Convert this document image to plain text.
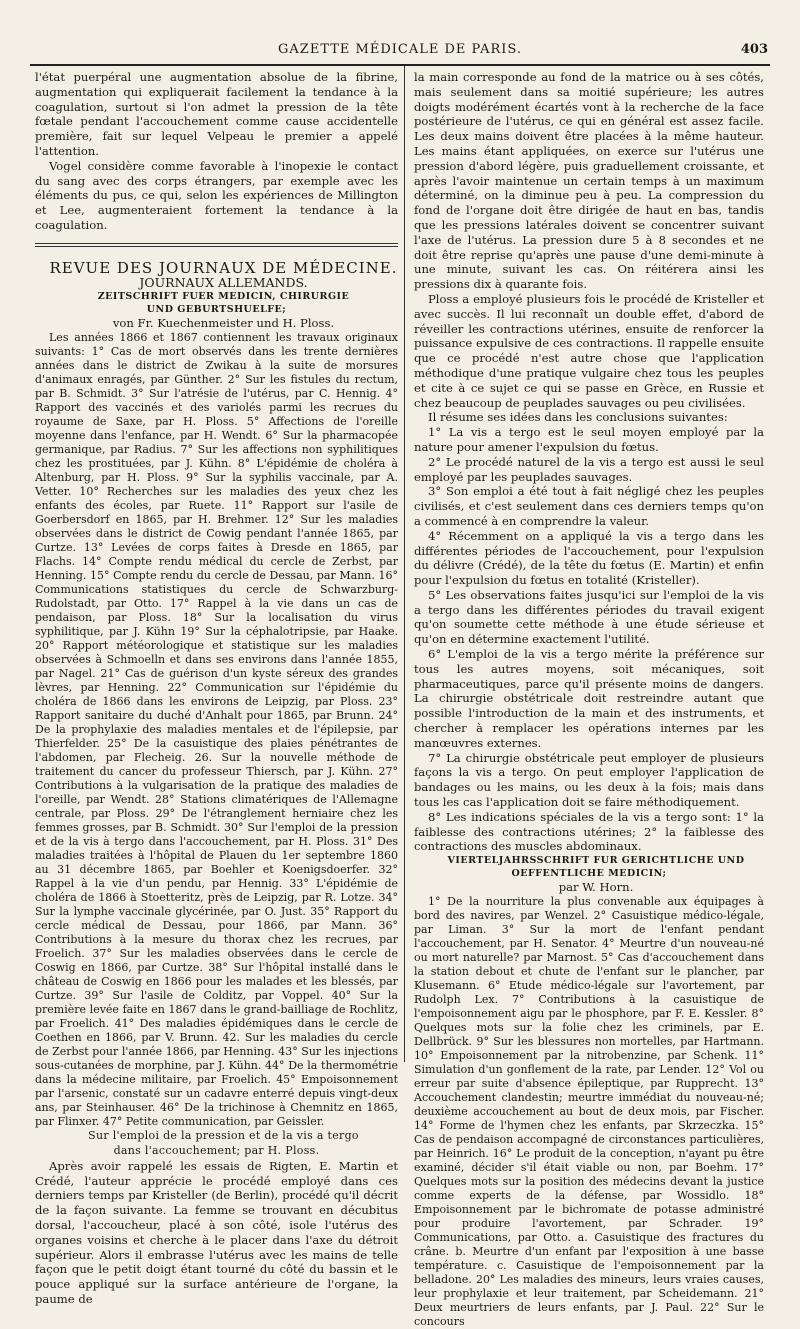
GAZETTE MÉDICALE DE PARIS.	403

l'état puerpéral une augmentation absolue de la fibrine, augmentation qui expliquerait facilement la tendance à la coagulation, surtout si l'on admet la pression de la tête fœtale pendant l'accouchement comme cause accidentelle première, fait sur lequel Velpeau le premier a appelé l'attention.

Vogel considère comme favorable à l'inopexie le contact du sang avec des corps étrangers, par exemple avec les éléments du pus, ce qui, selon les expériences de Millington et Lee, augmenteraient fortement la tendance à la coagulation.

REVUE DES JOURNAUX DE MÉDECINE.

JOURNAUX ALLEMANDS.

ZEITSCHRIFT FUER MEDICIN, CHIRURGIE
UND GEBURTSHUELFE;

von Fr. Kuechenmeister und H. Ploss.

Les années 1866 et 1867 contiennent les travaux originaux suivants: 1° Cas de mort observés dans les trente dernières années dans le district de Zwikau à la suite de morsures d'animaux enragés, par Günther. 2° Sur les fistules du rectum, par B. Schmidt. 3° Sur l'atrésie de l'utérus, par C. Hennig. 4° Rapport des vaccinés et des variolés parmi les recrues du royaume de Saxe, par H. Ploss. 5° Affections de l'oreille moyenne dans l'enfance, par H. Wendt. 6° Sur la pharmacopée germanique, par Radius. 7° Sur les affections non syphilitiques chez les prostituées, par J. Kühn. 8° L'épidémie de choléra à Altenburg, par H. Ploss. 9° Sur la syphilis vaccinale, par A. Vetter. 10° Recherches sur les maladies des yeux chez les enfants des écoles, par Ruete. 11° Rapport sur l'asile de Goerbersdorf en 1865, par H. Brehmer. 12° Sur les maladies observées dans le district de Cowig pendant l'année 1865, par Curtze. 13° Levées de corps faites à Dresde en 1865, par Flachs. 14° Compte rendu médical du cercle de Zerbst, par Henning. 15° Compte rendu du cercle de Dessau, par Mann. 16° Communications statistiques du cercle de Schwarzburg-Rudolstadt, par Otto. 17° Rappel à la vie dans un cas de pendaison, par Ploss. 18° Sur la localisation du virus syphilitique, par J. Kühn 19° Sur la céphalotripsie, par Haake. 20° Rapport météorologique et statistique sur les maladies observées à Schmoelln et dans ses environs dans l'année 1855, par Nagel. 21° Cas de guérison d'un kyste séreux des grandes lèvres, par Henning. 22° Communication sur l'épidémie du choléra de 1866 dans les environs de Leipzig, par Ploss. 23° Rapport sanitaire du duché d'Anhalt pour 1865, par Brunn. 24° De la prophylaxie des maladies mentales et de l'épilepsie, par Thierfelder. 25° De la casuistique des plaies pénétrantes de l'abdomen, par Flecheig. 26. Sur la nouvelle méthode de traitement du cancer du professeur Thiersch, par J. Kühn. 27° Contributions à la vulgarisation de la pratique des maladies de l'oreille, par Wendt. 28° Stations climatériques de l'Allemagne centrale, par Ploss. 29° De l'étranglement herniaire chez les femmes grosses, par B. Schmidt. 30° Sur l'emploi de la pression et de la vis à tergo dans l'accouchement, par H. Ploss. 31° Des maladies traitées à l'hôpital de Plauen du 1er septembre 1860 au 31 décembre 1865, par Boehler et Koenigsdoerfer. 32° Rappel à la vie d'un pendu, par Hennig. 33° L'épidémie de choléra de 1866 à Stoetteritz, près de Leipzig, par R. Lotze. 34° Sur la lymphe vaccinale glycérinée, par O. Just. 35° Rapport du cercle médical de Dessau, pour 1866, par Mann. 36° Contributions à la mesure du thorax chez les recrues, par Froelich. 37° Sur les maladies observées dans le cercle de Coswig en 1866, par Curtze. 38° Sur l'hôpital installé dans le château de Coswig en 1866 pour les malades et les blessés, par Curtze. 39° Sur l'asile de Colditz, par Voppel. 40° Sur la première levée faite en 1867 dans le grand-bailliage de Rochlitz, par Froelich. 41° Des maladies épidémiques dans le cercle de Coethen en 1866, par V. Brunn. 42. Sur les maladies du cercle de Zerbst pour l'année 1866, par Henning. 43° Sur les injections sous-cutanées de morphine, par J. Kühn. 44° De la thermométrie dans la médecine militaire, par Froelich. 45° Empoisonnement par l'arsenic, constaté sur un cadavre enterré depuis vingt-deux ans, par Steinhauser. 46° De la trichinose à Chemnitz en 1865, par Flinxer. 47° Petite communication, par Geissler.

Sur l'emploi de la pression et de la vis a tergo
dans l'accouchement; par H. Ploss.

Après avoir rappelé les essais de Rigten, E. Martin et Crédé, l'auteur apprécie le procédé employé dans ces derniers temps par Kristeller (de Berlin), procédé qu'il décrit de la façon suivante. La femme se trouvant en décubitus dorsal, l'accoucheur, placé à son côté, isole l'utérus des organes voisins et cherche à le placer dans l'axe du détroit supérieur. Alors il embrasse l'utérus avec les mains de telle façon que le petit doigt étant tourné du côté du bassin et le pouce appliqué sur la surface antérieure de l'organe, la paume de

la main corresponde au fond de la matrice ou à ses côtés, mais seulement dans sa moitié supérieure; les autres doigts modérément écartés vont à la recherche de la face postérieure de l'utérus, ce qui en général est assez facile. Les deux mains doivent être placées à la même hauteur. Les mains étant appliquées, on exerce sur l'utérus une pression d'abord légère, puis graduellement croissante, et après l'avoir maintenue un certain temps à un maximum déterminé, on la diminue peu à peu. La compression du fond de l'organe doit être dirigée de haut en bas, tandis que les pressions latérales doivent se concentrer suivant l'axe de l'utérus. La pression dure 5 à 8 secondes et ne doit être reprise qu'après une pause d'une demi-minute à une minute, suivant les cas. On réitérera ainsi les pressions dix à quarante fois.

Ploss a employé plusieurs fois le procédé de Kristeller et avec succès. Il lui reconnaît un double effet, d'abord de réveiller les contractions utérines, ensuite de renforcer la puissance expulsive de ces contractions. Il rappelle ensuite que ce procédé n'est autre chose que l'application méthodique d'une pratique vulgaire chez tous les peuples et cite à ce sujet ce qui se passe en Grèce, en Russie et chez beaucoup de peuplades sauvages ou peu civilisées.

Il résume ses idées dans les conclusions suivantes:

1° La vis a tergo est le seul moyen employé par la nature pour amener l'expulsion du fœtus.

2° Le procédé naturel de la vis a tergo est aussi le seul employé par les peuplades sauvages.

3° Son emploi a été tout à fait négligé chez les peuples civilisés, et c'est seulement dans ces derniers temps qu'on a commencé à en comprendre la valeur.

4° Récemment on a appliqué la vis a tergo dans les différentes périodes de l'accouchement, pour l'expulsion du délivre (Crédé), de la tête du fœtus (E. Martin) et enfin pour l'expulsion du fœtus en totalité (Kristeller).

5° Les observations faites jusqu'ici sur l'emploi de la vis a tergo dans les différentes périodes du travail exigent qu'on soumette cette méthode à une étude sérieuse et qu'on en détermine exactement l'utilité.

6° L'emploi de la vis a tergo mérite la préférence sur tous les autres moyens, soit mécaniques, soit pharmaceutiques, parce qu'il présente moins de dangers. La chirurgie obstétricale doit restreindre autant que possible l'introduction de la main et des instruments, et chercher à remplacer les opérations internes par les manœuvres externes.

7° La chirurgie obstétricale peut employer de plusieurs façons la vis a tergo. On peut employer l'application de bandages ou les mains, ou les deux à la fois; mais dans tous les cas l'application doit se faire méthodiquement.

8° Les indications spéciales de la vis a tergo sont: 1° la faiblesse des contractions utérines; 2° la faiblesse des contractions des muscles abdominaux.

VIERTELJAHRSSCHRIFT FUR GERICHTLICHE UND
OEFFENTLICHE MEDICIN;

par W. Horn.

1° De la nourriture la plus convenable aux équipages à bord des navires, par Wenzel. 2° Casuistique médico-légale, par Liman. 3° Sur la mort de l'enfant pendant l'accouchement, par H. Senator. 4° Meurtre d'un nouveau-né ou mort naturelle? par Marnost. 5° Cas d'accouchement dans la station debout et chute de l'enfant sur le plancher, par Klusemann. 6° Etude médico-légale sur l'avortement, par Rudolph Lex. 7° Contributions à la casuistique de l'empoisonnement aigu par le phosphore, par F. E. Kessler. 8° Quelques mots sur la folie chez les criminels, par E. Dellbrück. 9° Sur les blessures non mortelles, par Hartmann. 10° Empoisonnement par la nitrobenzine, par Schenk. 11° Simulation d'un gonflement de la rate, par Lender. 12° Vol ou erreur par suite d'absence épileptique, par Rupprecht. 13° Accouchement clandestin; meurtre immédiat du nouveau-né; deuxième accouchement au bout de deux mois, par Fischer. 14° Forme de l'hymen chez les enfants, par Skrzeczka. 15° Cas de pendaison accompagné de circonstances particulières, par Heinrich. 16° Le produit de la conception, n'ayant pu être examiné, décider s'il était viable ou non, par Boehm. 17° Quelques mots sur la position des médecins devant la justice comme experts de la défense, par Wossidlo. 18° Empoisonnement par le bichromate de potasse administré pour produire l'avortement, par Schrader. 19° Communications, par Otto. a. Casuistique des fractures du crâne. b. Meurtre d'un enfant par l'exposition à une basse température. c. Casuistique de l'empoisonnement par la belladone. 20° Les maladies des mineurs, leurs vraies causes, leur prophylaxie et leur traitement, par Scheidemann. 21° Deux meurtriers de leurs enfants, par J. Paul. 22° Sur le concours
